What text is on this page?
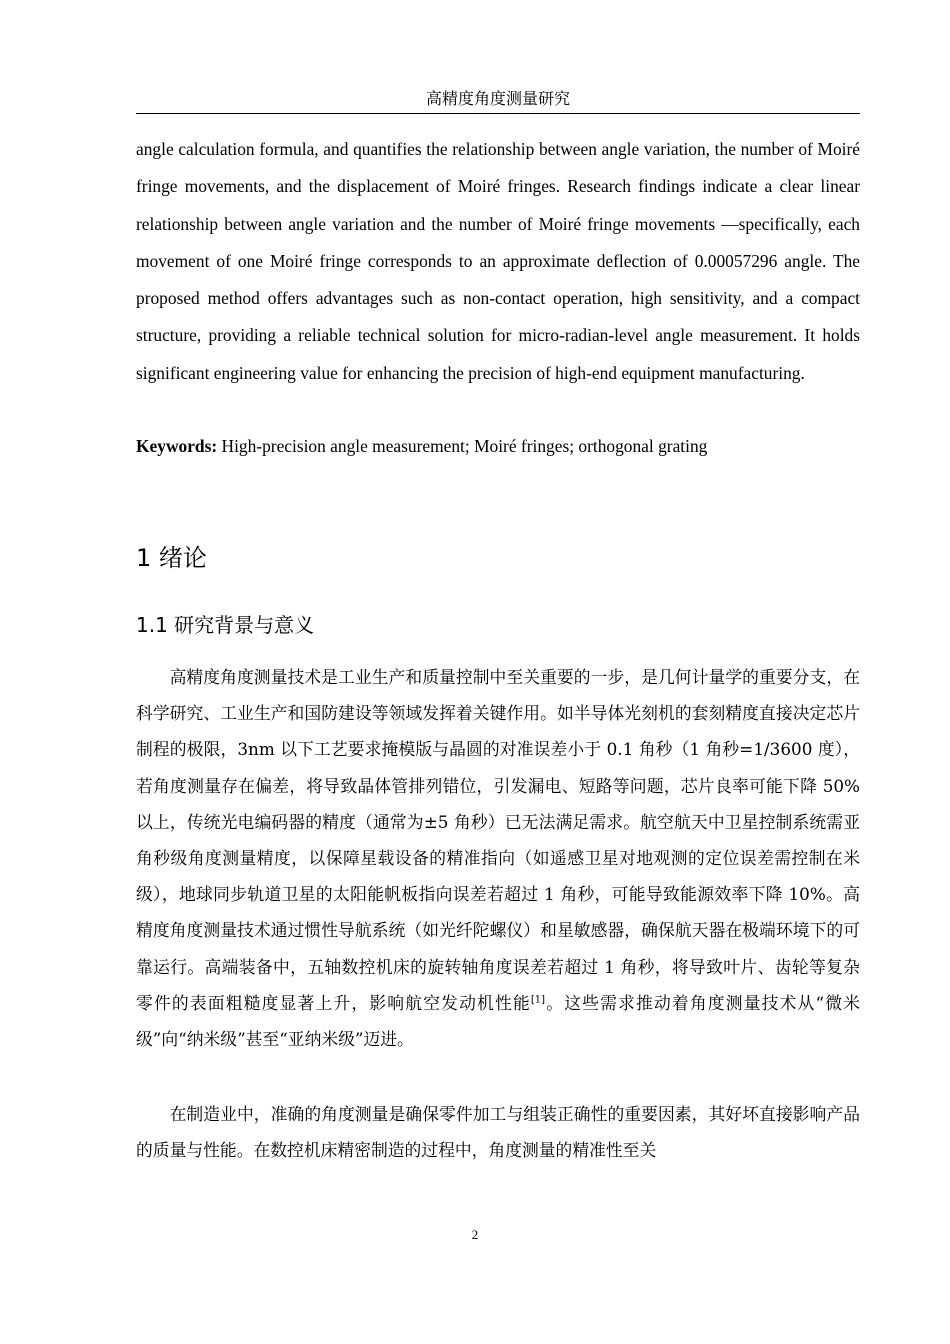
高精度角度测量研究

angle calculation formula, and quantifies the relationship between angle variation, the number of Moiré fringe movements, and the displacement of Moiré fringes. Research findings indicate a clear linear relationship between angle variation and the number of Moiré fringe movements —specifically, each movement of one Moiré fringe corresponds to an approximate deflection of 0.00057296 angle. The proposed method offers advantages such as non-contact operation, high sensitivity, and a compact structure, providing a reliable technical solution for micro-radian-level angle measurement. It holds significant engineering value for enhancing the precision of high-end equipment manufacturing.

Keywords: High-precision angle measurement; Moiré fringes; orthogonal grating

1 绪论
1.1 研究背景与意义

高精度角度测量技术是工业生产和质量控制中至关重要的一步，是几何计量学的重要分支，在科学研究、工业生产和国防建设等领域发挥着关键作用。如半导体光刻机的套刻精度直接决定芯片制程的极限，3nm 以下工艺要求掩模版与晶圆的对准误差小于 0.1 角秒（1 角秒=1/3600 度），若角度测量存在偏差，将导致晶体管排列错位，引发漏电、短路等问题，芯片良率可能下降 50%以上，传统光电编码器的精度（通常为±5 角秒）已无法满足需求。航空航天中卫星控制系统需亚角秒级角度测量精度，以保障星载设备的精准指向（如遥感卫星对地观测的定位误差需控制在米级），地球同步轨道卫星的太阳能帆板指向误差若超过 1 角秒，可能导致能源效率下降 10%。高精度角度测量技术通过惯性导航系统（如光纤陀螺仪）和星敏感器，确保航天器在极端环境下的可靠运行。高端装备中，五轴数控机床的旋转轴角度误差若超过 1 角秒，将导致叶片、齿轮等复杂零件的表面粗糙度显著上升，影响航空发动机性能[1]。这些需求推动着角度测量技术从“微米级”向“纳米级”甚至“亚纳米级”迈进。

在制造业中，准确的角度测量是确保零件加工与组装正确性的重要因素，其好坏直接影响产品的质量与性能。在数控机床精密制造的过程中，角度测量的精准性至关

2
